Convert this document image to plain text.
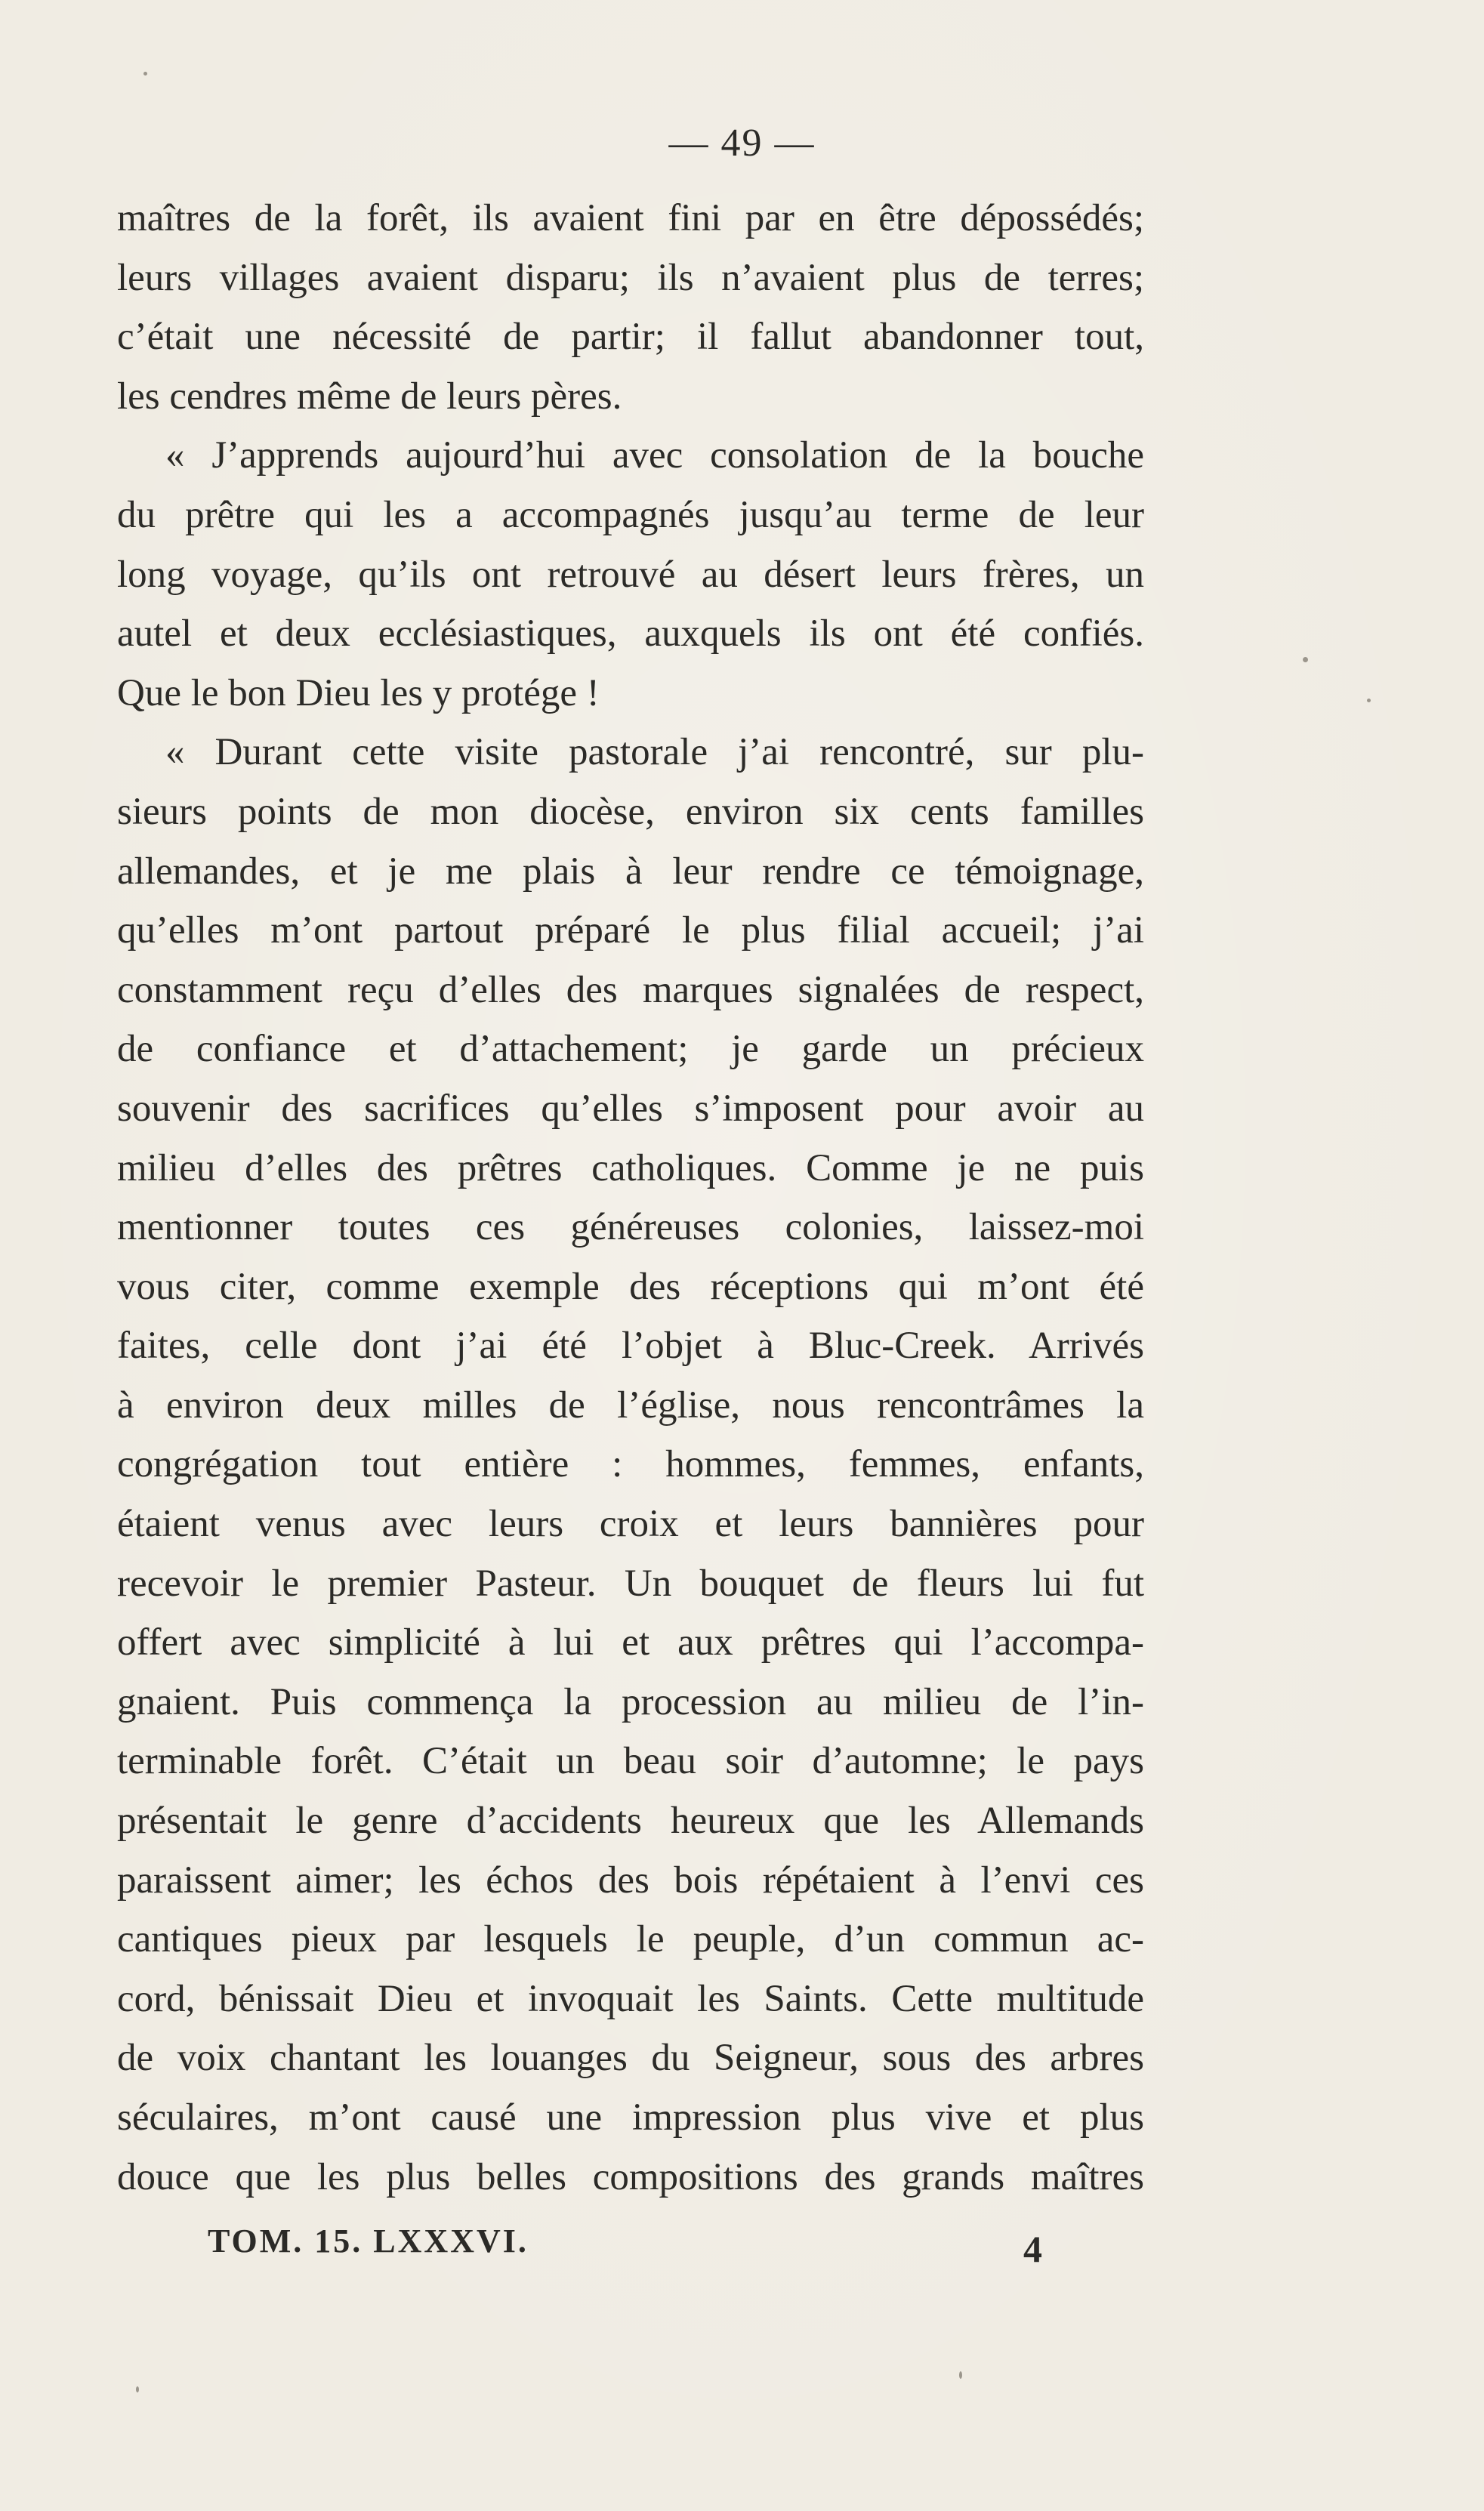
— 49 —
maîtres de la forêt, ils avaient fini par en être dépossédés;
leurs villages avaient disparu; ils n’avaient plus de terres;
c’était une nécessité de partir; il fallut abandonner tout,
les cendres même de leurs pères.
« J’apprends aujourd’hui avec consolation de la bouche
du prêtre qui les a accompagnés jusqu’au terme de leur
long voyage, qu’ils ont retrouvé au désert leurs frères, un
autel et deux ecclésiastiques, auxquels ils ont été confiés.
Que le bon Dieu les y protége !
« Durant cette visite pastorale j’ai rencontré, sur plu-
sieurs points de mon diocèse, environ six cents familles
allemandes, et je me plais à leur rendre ce témoignage,
qu’elles m’ont partout préparé le plus filial accueil; j’ai
constamment reçu d’elles des marques signalées de respect,
de confiance et d’attachement; je garde un précieux
souvenir des sacrifices qu’elles s’imposent pour avoir au
milieu d’elles des prêtres catholiques. Comme je ne puis
mentionner toutes ces généreuses colonies, laissez-moi
vous citer, comme exemple des réceptions qui m’ont été
faites, celle dont j’ai été l’objet à Bluc-Creek. Arrivés
à environ deux milles de l’église, nous rencontrâmes la
congrégation tout entière : hommes, femmes, enfants,
étaient venus avec leurs croix et leurs bannières pour
recevoir le premier Pasteur. Un bouquet de fleurs lui fut
offert avec simplicité à lui et aux prêtres qui l’accompa-
gnaient. Puis commença la procession au milieu de l’in-
terminable forêt. C’était un beau soir d’automne; le pays
présentait le genre d’accidents heureux que les Allemands
paraissent aimer; les échos des bois répétaient à l’envi ces
cantiques pieux par lesquels le peuple, d’un commun ac-
cord, bénissait Dieu et invoquait les Saints. Cette multitude
de voix chantant les louanges du Seigneur, sous des arbres
séculaires, m’ont causé une impression plus vive et plus
douce que les plus belles compositions des grands maîtres
TOM. 15. LXXXVI.	4
